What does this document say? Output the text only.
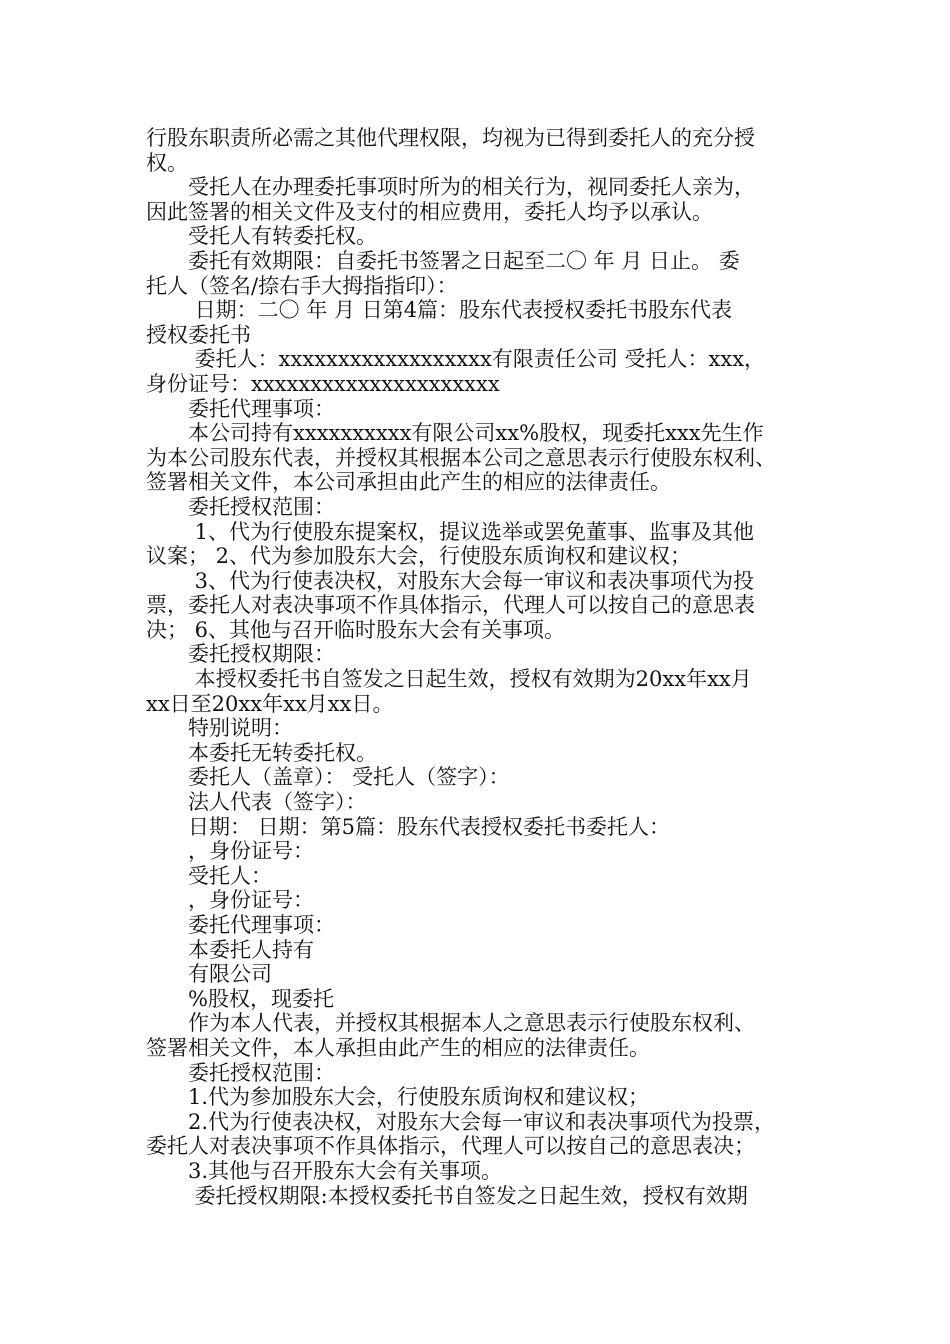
行股东职责所必需之其他代理权限，均视为已得到委托人的充分授
权。
　　受托人在办理委托事项时所为的相关行为，视同委托人亲为，
因此签署的相关文件及支付的相应费用，委托人均予以承认。
　　受托人有转委托权。
　　委托有效期限：自委托书签署之日起至二〇 年 月 日止。 委
托人（签名/捺右手大拇指指印）：
　　 日期：二〇 年 月 日第4篇：股东代表授权委托书股东代表
授权委托书
　　 委托人：xxxxxxxxxxxxxxxxxx有限责任公司 受托人：xxx，
身份证号：xxxxxxxxxxxxxxxxxxxxx
　　委托代理事项：
　　本公司持有xxxxxxxxxx有限公司xx%股权，现委托xxx先生作
为本公司股东代表，并授权其根据本公司之意思表示行使股东权利、
签署相关文件，本公司承担由此产生的相应的法律责任。
　　委托授权范围：
　　 1、代为行使股东提案权，提议选举或罢免董事、监事及其他
议案； 2、代为参加股东大会，行使股东质询权和建议权；
　　 3、代为行使表决权，对股东大会每一审议和表决事项代为投
票，委托人对表决事项不作具体指示，代理人可以按自己的意思表
决； 6、其他与召开临时股东大会有关事项。
　　委托授权期限：
　　 本授权委托书自签发之日起生效，授权有效期为20xx年xx月
xx日至20xx年xx月xx日。
　　特别说明：
　　本委托无转委托权。
　　委托人（盖章）： 受托人（签字）：
　　法人代表（签字）：
　　日期： 日期：第5篇：股东代表授权委托书委托人：
　　，身份证号：
　　受托人：
　　，身份证号：
　　委托代理事项：
　　本委托人持有
　　有限公司
　　%股权，现委托
　　作为本人代表，并授权其根据本人之意思表示行使股东权利、
签署相关文件，本人承担由此产生的相应的法律责任。
　　委托授权范围：
　　1.代为参加股东大会，行使股东质询权和建议权；
　　2.代为行使表决权，对股东大会每一审议和表决事项代为投票，
委托人对表决事项不作具体指示，代理人可以按自己的意思表决；
　　3.其他与召开股东大会有关事项。
　　 委托授权期限:本授权委托书自签发之日起生效，授权有效期
